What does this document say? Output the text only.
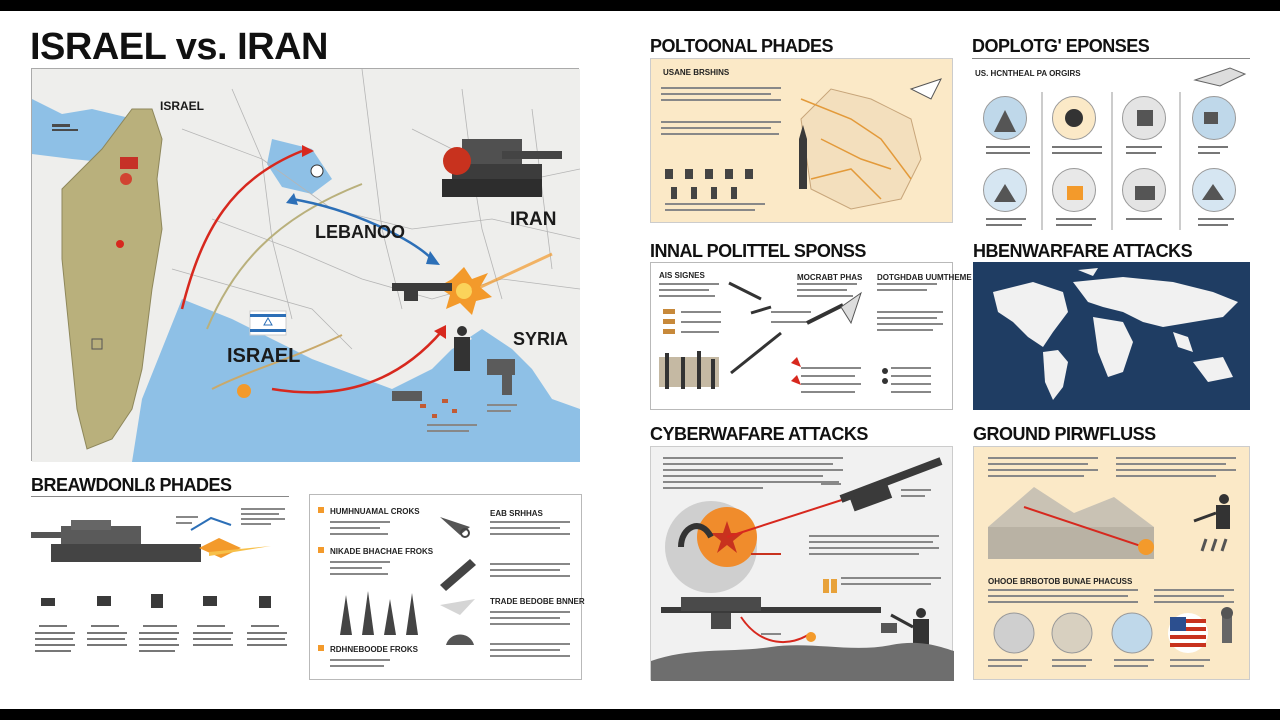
ISRAEL vs. IRAN
ISRAEL
LEBANOO
IRAN
ISRAEL
SYRIA
BREAWDONLß PHADES
HUMHNUAMAL CROKS
NIKADE BHACHAE FROKS
RDHNEBOODE FROKS
EAB SRHHAS
TRADE BEDOBE BNNER
POLTOONAL PHADES
USANE BRSHINS
DOPLOTG' EPONSES
US. HCNTHEAL PA ORGIRS
INNAL POLITTEL SPONSS
AIS SIGNES	MOCRABT PHAS DOTGHDAB UUMTHEME
HBENWARFARE ATTACKS
CYBERWAFARE ATTACKS	GROUND PIRWFLUSS
OHOOE BRBOTOB BUNAE PHACUSS
